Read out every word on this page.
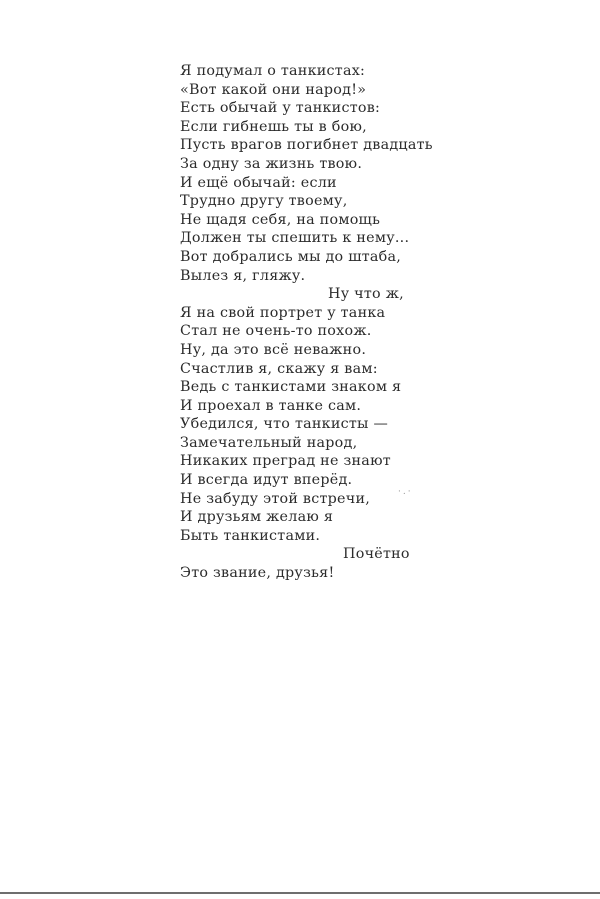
Я подумал о танкистах:
«Вот какой они народ!»
Есть обычай у танкистов:
Если гибнешь ты в бою,
Пусть врагов погибнет двадцать
За одну за жизнь твою.
И ещё обычай: если
Трудно другу твоему,
Не щадя себя, на помощь
Должен ты спешить к нему...
Вот добрались мы до штаба,
Вылез я, гляжу.
Ну что ж,
Я на свой портрет у танка
Стал не очень-то похож.
Ну, да это всё неважно.
Счастлив я, скажу я вам:
Ведь с танкистами знаком я
И проехал в танке сам.
Убедился, что танкисты —
Замечательный народ,
Никаких преград не знают
И всегда идут вперёд.
Не забуду этой встречи,
И друзьям желаю я
Быть танкистами.
Почётно
Это звание, друзья!
·.·
